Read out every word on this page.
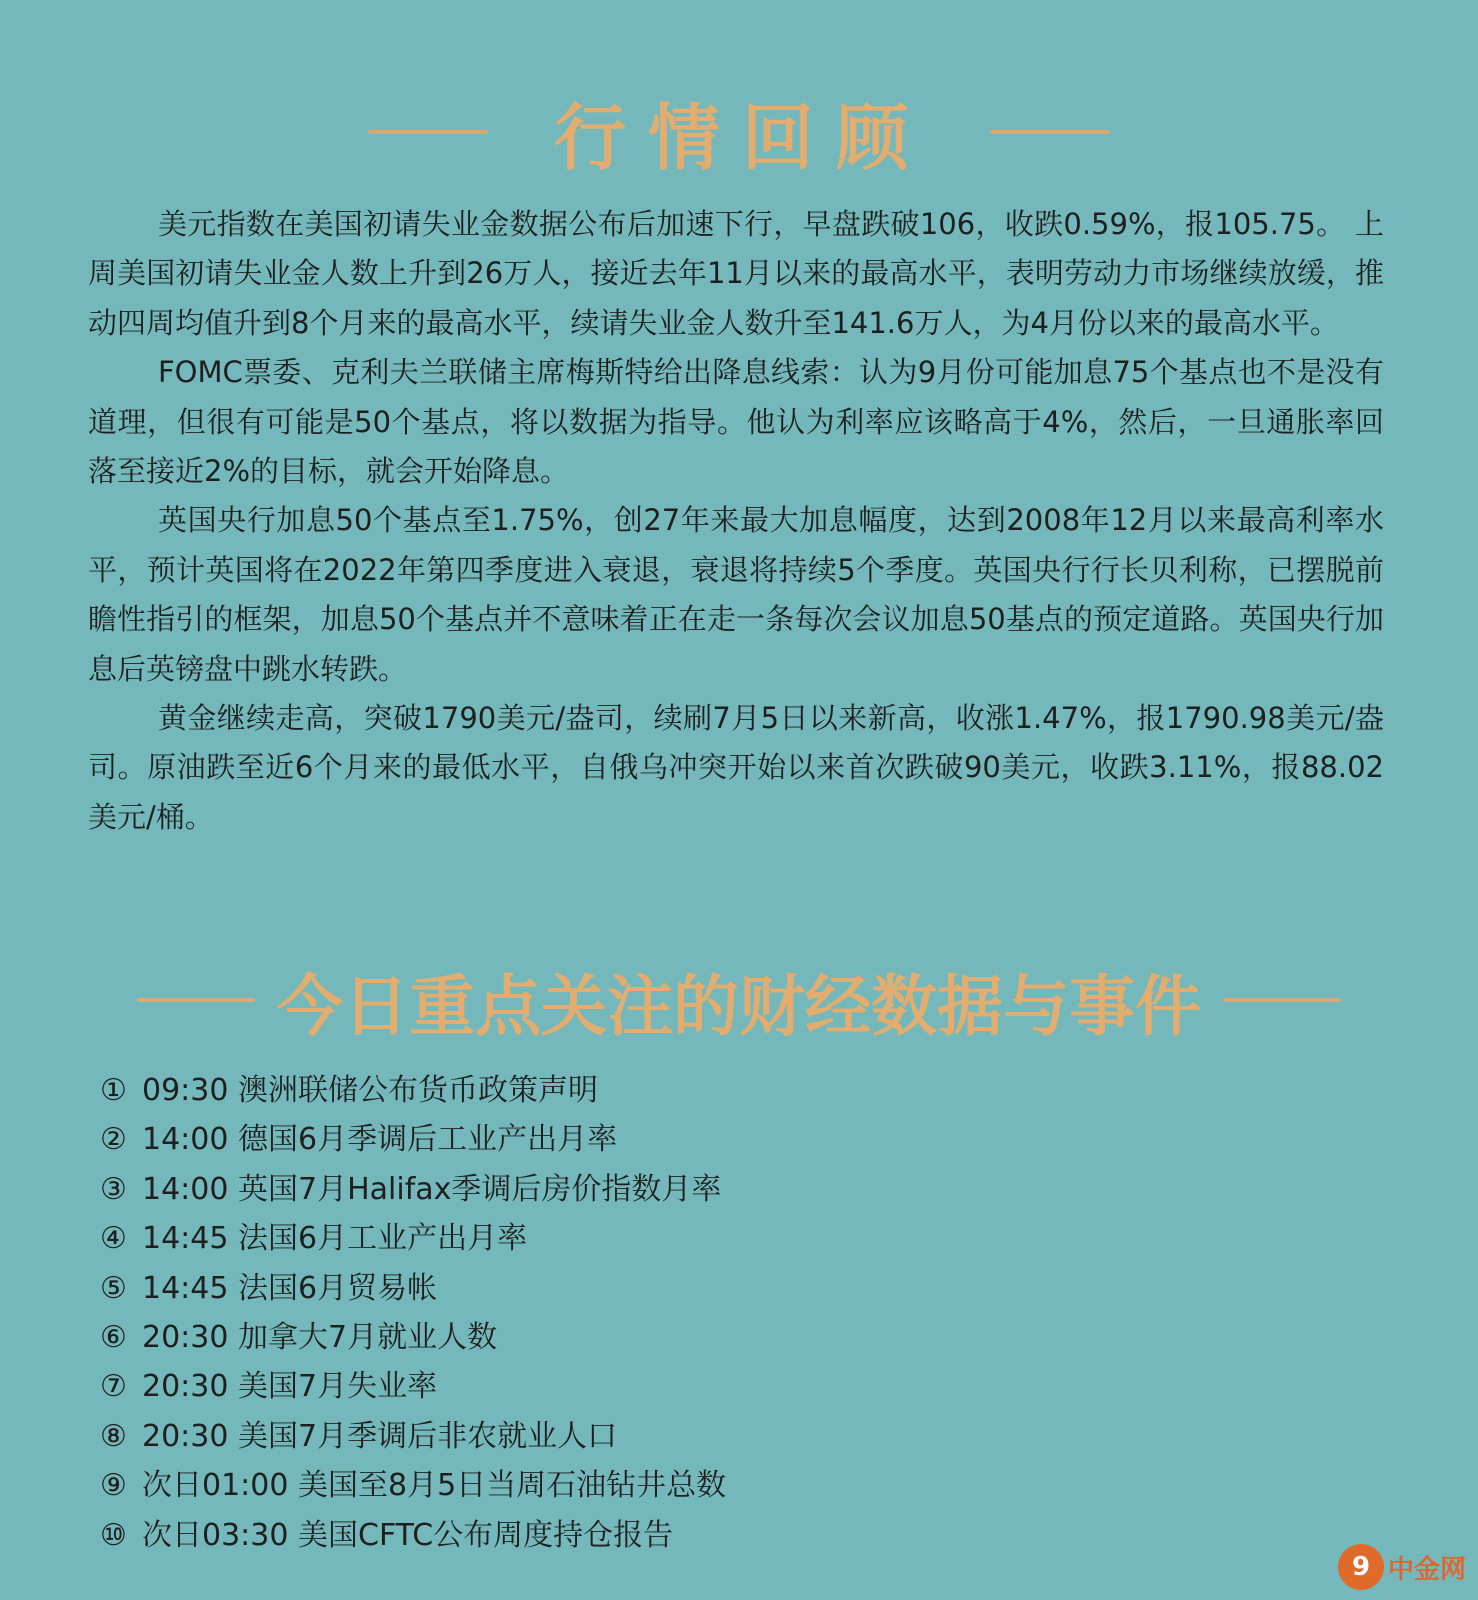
行情回顾

美元指数在美国初请失业金数据公布后加速下行，早盘跌破106，收跌0.59%，报105.75。 上周美国初请失业金人数上升到26万人，接近去年11月以来的最高水平，表明劳动力市场继续放缓，推动四周均值升到8个月来的最高水平，续请失业金人数升至141.6万人，为4月份以来的最高水平。

FOMC票委、克利夫兰联储主席梅斯特给出降息线索：认为9月份可能加息75个基点也不是没有道理，但很有可能是50个基点，将以数据为指导。他认为利率应该略高于4%，然后，一旦通胀率回落至接近2%的目标，就会开始降息。

英国央行加息50个基点至1.75%，创27年来最大加息幅度，达到2008年12月以来最高利率水平，预计英国将在2022年第四季度进入衰退，衰退将持续5个季度。英国央行行长贝利称，已摆脱前瞻性指引的框架，加息50个基点并不意味着正在走一条每次会议加息50基点的预定道路。英国央行加息后英镑盘中跳水转跌。

黄金继续走高，突破1790美元/盎司，续刷7月5日以来新高，收涨1.47%，报1790.98美元/盎司。原油跌至近6个月来的最低水平，自俄乌冲突开始以来首次跌破90美元，收跌3.11%，报88.02美元/桶。

今日重点关注的财经数据与事件
① 09:30 澳洲联储公布货币政策声明
② 14:00 德国6月季调后工业产出月率
③ 14:00 英国7月Halifax季调后房价指数月率
④ 14:45 法国6月工业产出月率
⑤ 14:45 法国6月贸易帐
⑥ 20:30 加拿大7月就业人数
⑦ 20:30 美国7月失业率
⑧ 20:30 美国7月季调后非农就业人口
⑨ 次日01:00 美国至8月5日当周石油钻井总数
⑩ 次日03:30 美国CFTC公布周度持仓报告
9 中金网
